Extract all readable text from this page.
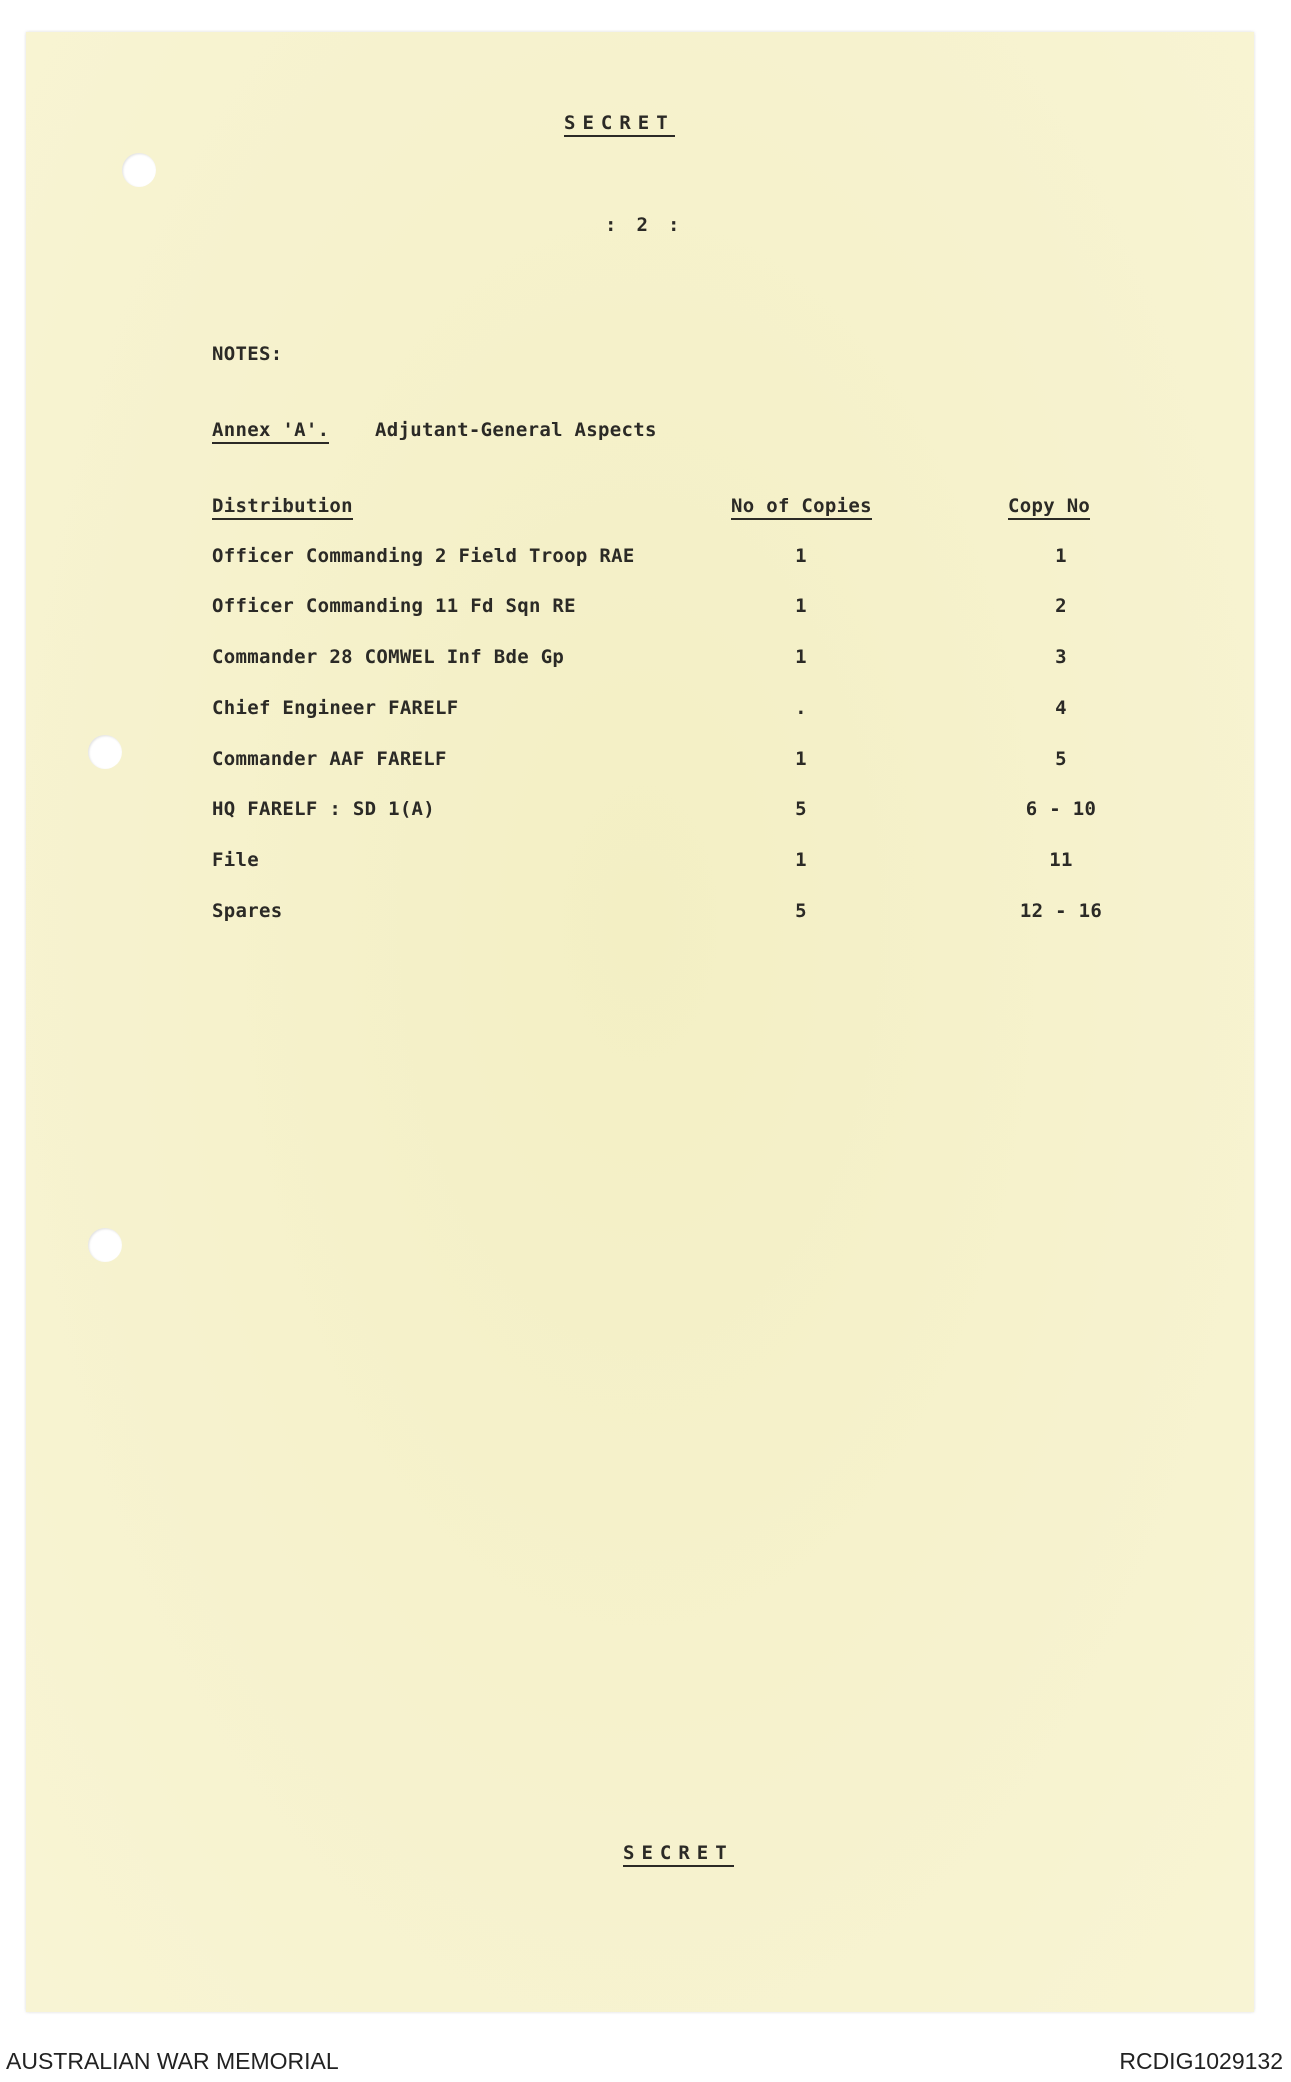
SECRET
: 2 :
NOTES:
Annex 'A'. Adjutant-General Aspects
Distribution	No of Copies	Copy No
Officer Commanding 2 Field Troop RAE	1	1
Officer Commanding 11 Fd Sqn RE	1	2
Commander 28 COMWEL Inf Bde Gp	1	3
Chief Engineer FARELF	.	4
Commander AAF FARELF	1	5
HQ FARELF : SD 1(A)	5	6 - 10
File	1	11
Spares	5	12 - 16
SECRET
AUSTRALIAN WAR MEMORIAL	RCDIG1029132
